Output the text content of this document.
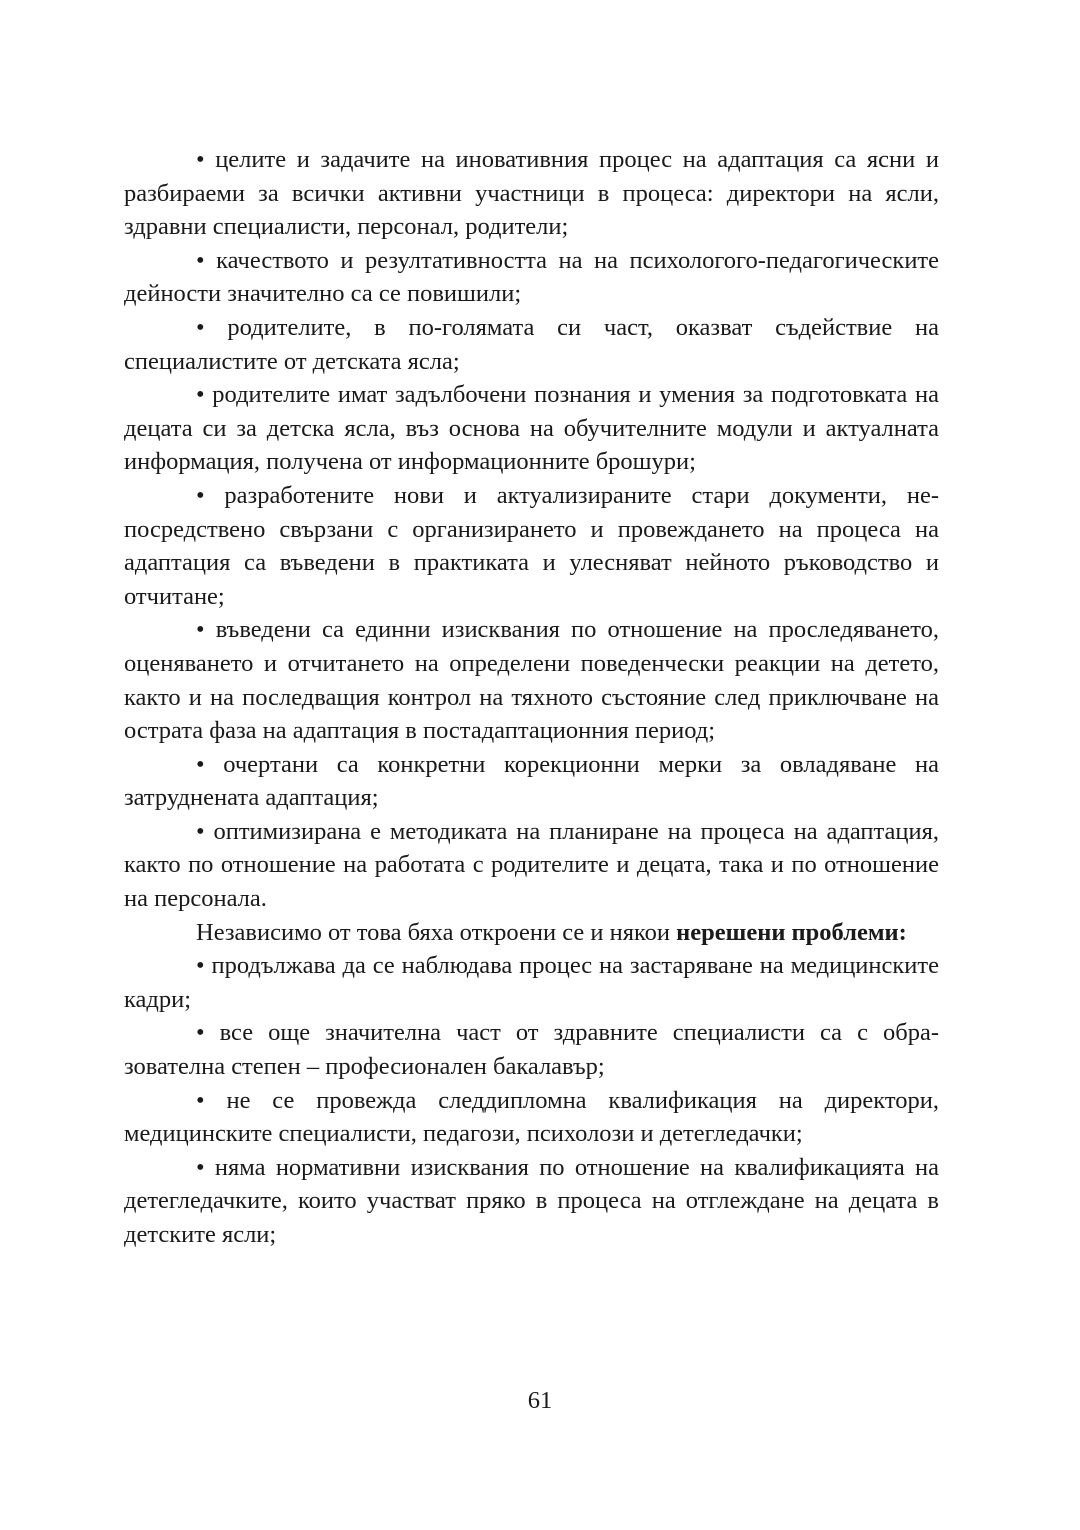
• целите и задачите на иновативния процес на адаптация са ясни и разбираеми за всички активни участници в процеса: директори на ясли, здравни специалисти, персонал, родители;

• качеството и резултативността на на психологого-педагогическите дейности значително са се повишили;

• родителите, в по-голямата си част, оказват съдействие на специалистите от детската ясла;

• родителите имат задълбочени познания и умения за подготовката на децата си за детска ясла, въз основа на обучителните модули и актуалната информация, получена от информационните брошури;

• разработените нови и актуализираните стари документи, непосредствено свързани с организирането и провеждането на процеса на адаптация са въведени в практиката и улесняват нейното ръководство и отчитане;

• въведени са единни изисквания по отношение на проследяването, оценяването и отчитането на определени поведенчески реакции на детето, както и на последващия контрол на тяхното състояние след приключване на острата фаза на адаптация в постадаптационния период;

• очертани са конкретни корекционни мерки за овладяване на затруднената адаптация;

• оптимизирана е методиката на планиране на процеса на адаптация, както по отношение на работата с родителите и децата, така и по отношение на персонала.

Независимо от това бяха откроени се и някои нерешени проблеми:

• продължава да се наблюдава процес на застаряване на медицинските кадри;

• все още значителна част от здравните специалисти са с образователна степен – професионален бакалавър;

• не се провежда следдипломна квалификация на директори, медицинските специалисти, педагози, психолози и детегледачки;

• няма нормативни изисквания по отношение на квалификацията на детегледачките, които участват пряко в процеса на отглеждане на децата в детските ясли;

61
